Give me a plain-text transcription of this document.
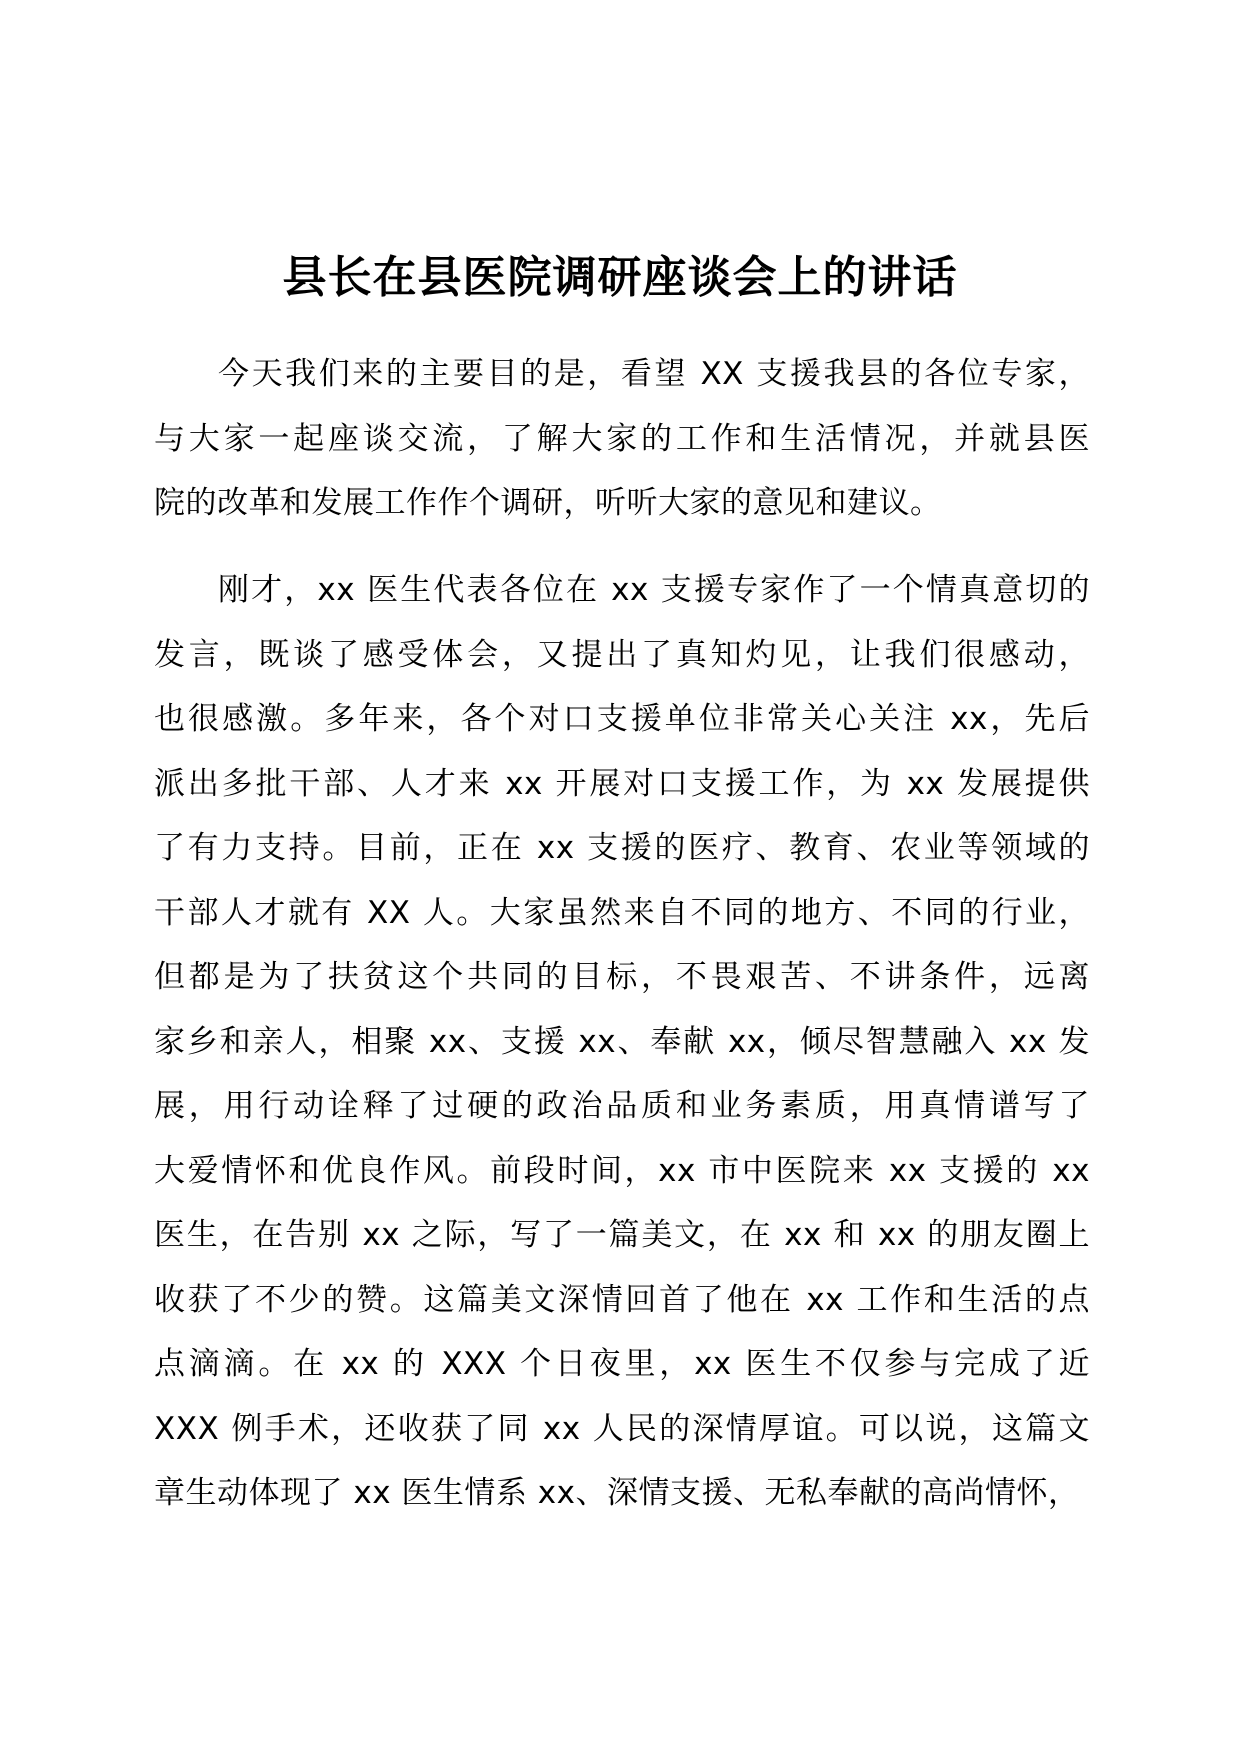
县长在县医院调研座谈会上的讲话
今天我们来的主要目的是，看望 XX 支援我县的各位专家，
与大家一起座谈交流，了解大家的工作和生活情况，并就县医
院的改革和发展工作作个调研，听听大家的意见和建议。
刚才，xx 医生代表各位在 xx 支援专家作了一个情真意切的
发言，既谈了感受体会，又提出了真知灼见，让我们很感动，
也很感激。多年来，各个对口支援单位非常关心关注 xx，先后
派出多批干部、人才来 xx 开展对口支援工作，为 xx 发展提供
了有力支持。目前，正在 xx 支援的医疗、教育、农业等领域的
干部人才就有 XX 人。大家虽然来自不同的地方、不同的行业，
但都是为了扶贫这个共同的目标，不畏艰苦、不讲条件，远离
家乡和亲人，相聚 xx、支援 xx、奉献 xx，倾尽智慧融入 xx 发
展，用行动诠释了过硬的政治品质和业务素质，用真情谱写了
大爱情怀和优良作风。前段时间，xx 市中医院来 xx 支援的 xx
医生，在告别 xx 之际，写了一篇美文，在 xx 和 xx 的朋友圈上
收获了不少的赞。这篇美文深情回首了他在 xx 工作和生活的点
点滴滴。在 xx 的 XXX 个日夜里，xx 医生不仅参与完成了近
XXX 例手术，还收获了同 xx 人民的深情厚谊。可以说，这篇文
章生动体现了 xx 医生情系 xx、深情支援、无私奉献的高尚情怀，
